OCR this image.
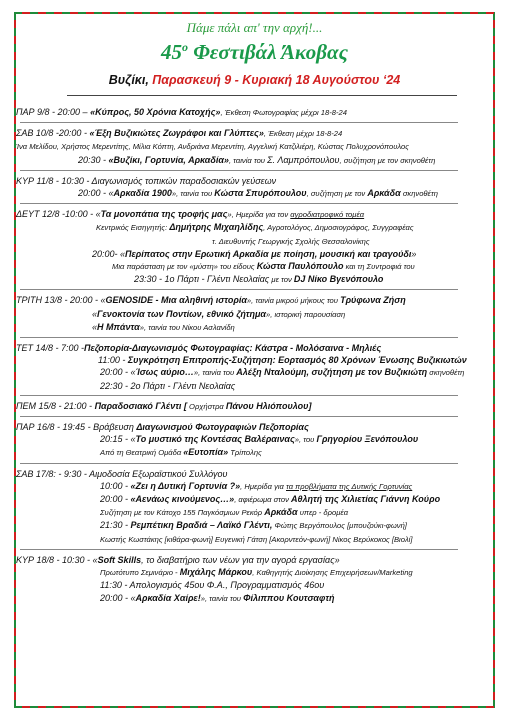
Πάμε πάλι απ' την αρχή!...
$45^o$ Φεστιβάλ Άκοβας
Βυζίκι, Παρασκευή 9 - Κυριακή 18 Αυγούστου ‘24
ΠΑΡ 9/8 - 20:00 – «Κύπρος, 50 Χρόνια Κατοχής», Έκθεση Φωτογραφίας μέχρι 18-8-24
ΣΑΒ 10/8 -20:00 - «Έξη Βυζικιώτες Ζωγράφοι και Γλύπτες», Έκθεση μέχρι 18-8-24
Ίνα Μελίδου, Χρήστος Μερεντίτης, Μίλια Κόπτη, Ανδριάνα Μερεντίτη, Αγγελική Κατζιλιέρη, Κώστας Πολυχρονόπουλος
20:30 - «Βυζίκι, Γορτυνία, Αρκαδία», ταινία του Σ. Λαμπρόπουλου, συζήτηση με τον σκηνοθέτη
ΚΥΡ 11/8 - 10:30 - Διαγωνισμός τοπικών παραδοσιακών γεύσεων
20:00 - «Αρκαδία 1900», ταινία του Κώστα Σπυρόπουλου, συζήτηση με τον Αρκάδα σκηνοθέτη
ΔΕΥΤ 12/8 -10:00 - «Τα μονοπάτια της τροφής μας», Ημερίδα για τον αγροδιατροφικό τομέα
Κεντρικός Εισηγητής: Δημήτρης Μιχαηλίδης, Αγροτολόγος, Δημοσιογράφος, Συγγραφέας
τ. Διευθυντής Γεωργικής Σχολής Θεσσαλονίκης
20:00- «Περίπατος στην Ερωτική Αρκαδία με ποίηση, μουσική και τραγούδι»
Μια παράσταση με τον «μύστη» του είδους Κώστα Παυλόπουλο και τη Συντροφιά του
23:30 - 1ο Πάρτι - Γλέντι Νεολαίας με τον DJ Νίκο Βγενόπουλο
ΤΡΙΤΗ 13/8 - 20:00 - «GENOSIDE - Μια αληθινή ιστορία», ταινία μικρού μήκους του Τρύφωνα Ζήση
«Γενοκτονία των Ποντίων, εθνικό ζήτημα», ιστορική παρουσίαση
«Η Μπάντα», ταινία του Νίκου Ασλανίδη
ΤΕΤ 14/8 - 7:00 -Πεζοπορία-Διαγωνισμός Φωτογραφίας: Κάστρα - Μολόσαινα - Μηλιές
11:00 - Συγκρότηση Επιτροπής-Συζήτηση: Εορτασμός 80 Χρόνων Ένωσης Βυζικιωτών
20:00 - «Ίσως αύριο…», ταινία του Αλέξη Νταλούμη, συζήτηση με τον Βυζικιώτη σκηνοθέτη
22:30 - 2ο Πάρτι - Γλέντι Νεολαίας
ΠΕΜ 15/8 - 21:00 - Παραδοσιακό Γλέντι [ Ορχήστρα Πάνου Ηλιόπουλου]
ΠΑΡ 16/8 - 19:45 - Βράβευση Διαγωνισμού Φωτογραφιών Πεζοπορίας
20:15 - «Το μυστικό της Κοντέσας Βαλέραινας», του Γρηγορίου Ξενόπουλου
Από τη Θεατρική Ομάδα «Ευτοπία» Τρίπολης
ΣΑΒ 17/8: - 9:30 - Αιμοδοσία Εξωραϊστικού Συλλόγου
10:00 - «Ζει η Δυτική Γορτυνία ?», Ημερίδα για τα προβλήματα της Δυτικής Γορτυνίας
20:00 - «Αενάως κινούμενος…», αφιέρωμα στον Αθλητή της Χιλιετίας Γιάννη Κούρο
Συζήτηση με τον Κάτοχο 155 Παγκόσμιων Ρεκόρ Αρκάδα υπερ - δρομέα
21:30 - Ρεμπέτικη Βραδιά – Λαϊκό Γλέντι, Φώτης Βεργόπουλος [μπουζούκι-φωνή]
Κωστής Κωστάκης [κιθάρα-φωνή] Ευγενική Γάτση [Ακορντεόν-φωνή] Νίκος Βερύκοκος [Βιολί]
ΚΥΡ 18/8 - 10:30 - «Soft Skills, το διαβατήριο των νέων για την αγορά εργασίας»
Πρωτότυπο Σεμινάριο - Μιχάλης Μάρκου, Καθηγητής Διοίκησης Επιχειρήσεων/Marketing
11:30 - Απολογισμός 45ου Φ.Α., Προγραμματισμός 46ου
20:00 - «Αρκαδία Χαίρε!», ταινία του Φίλιππου Κουτσαφτή
